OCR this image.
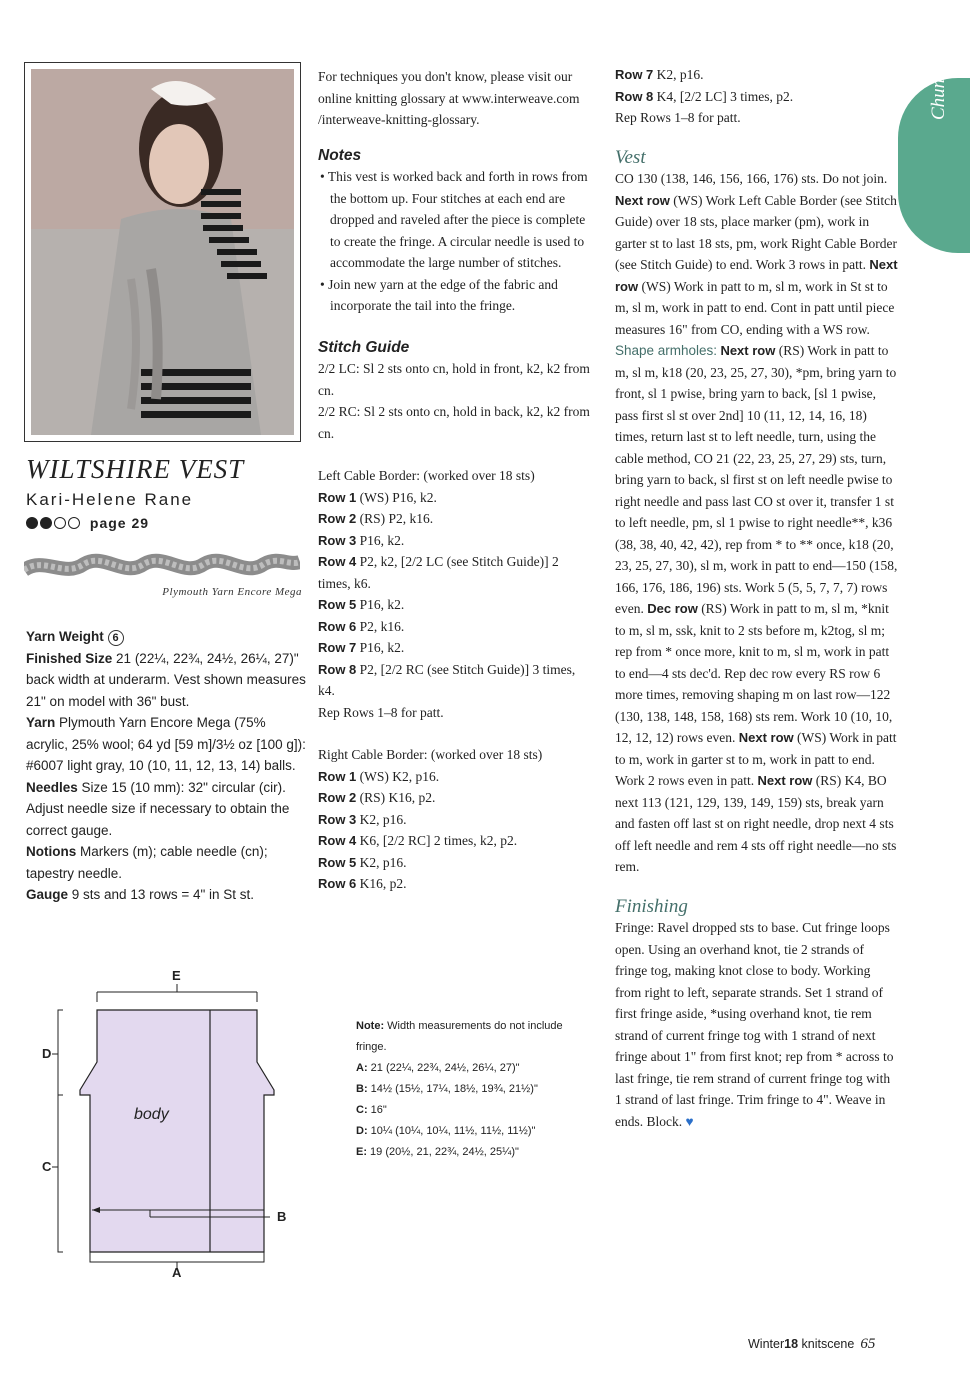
WILTSHIRE VEST
Kari-Helene Rane
page 29
Plymouth Yarn Encore Mega
Yarn Weight 6
Finished Size 21 (22¼, 22¾, 24½, 26¼, 27)" back width at underarm. Vest shown measures 21" on model with 36" bust.
Yarn Plymouth Yarn Encore Mega (75% acrylic, 25% wool; 64 yd [59 m]/3½ oz [100 g]): #6007 light gray, 10 (10, 11, 12, 13, 14) balls.
Needles Size 15 (10 mm): 32" circular (cir). Adjust needle size if necessary to obtain the correct gauge.
Notions Markers (m); cable needle (cn); tapestry needle.
Gauge 9 sts and 13 rows = 4" in St st.

For techniques you don't know, please visit our online knitting glossary at www.interweave.com /interweave-knitting-glossary.

Notes

• This vest is worked back and forth in rows from the bottom up. Four stitches at each end are dropped and raveled after the piece is complete to create the fringe. A circular needle is used to accommodate the large number of stitches.
• Join new yarn at the edge of the fabric and incorporate the tail into the fringe.

Stitch Guide

2/2 LC: Sl 2 sts onto cn, hold in front, k2, k2 from cn.

2/2 RC: Sl 2 sts onto cn, hold in back, k2, k2 from cn.

Left Cable Border: (worked over 18 sts)

Row 1 (WS) P16, k2.
Row 2 (RS) P2, k16.
Row 3 P16, k2.
Row 4 P2, k2, [2/2 LC (see Stitch Guide)] 2 times, k6.
Row 5 P16, k2.
Row 6 P2, k16.
Row 7 P16, k2.
Row 8 P2, [2/2 RC (see Stitch Guide)] 3 times, k4.

Rep Rows 1–8 for patt.

Right Cable Border: (worked over 18 sts)

Row 1 (WS) K2, p16.
Row 2 (RS) K16, p2.
Row 3 K2, p16.
Row 4 K6, [2/2 RC] 2 times, k2, p2.
Row 5 K2, p16.
Row 6 K16, p2.
Row 7 K2, p16.
Row 8 K4, [2/2 LC] 3 times, p2.

Rep Rows 1–8 for patt.

Vest

CO 130 (138, 146, 156, 166, 176) sts. Do not join. Next row (WS) Work Left Cable Border (see Stitch Guide) over 18 sts, place marker (pm), work in garter st to last 18 sts, pm, work Right Cable Border (see Stitch Guide) to end. Work 3 rows in patt. Next row (WS) Work in patt to m, sl m, work in St st to m, sl m, work in patt to end. Cont in patt until piece measures 16" from CO, ending with a WS row. Shape armholes: Next row (RS) Work in patt to m, sl m, k18 (20, 23, 25, 27, 30), *pm, bring yarn to front, sl 1 pwise, bring yarn to back, [sl 1 pwise, pass first sl st over 2nd] 10 (11, 12, 14, 16, 18) times, return last st to left needle, turn, using the cable method, CO 21 (22, 23, 25, 27, 29) sts, turn, bring yarn to back, sl first st on left needle pwise to right needle and pass last CO st over it, transfer 1 st to left needle, pm, sl 1 pwise to right needle**, k36 (38, 38, 40, 42, 42), rep from * to ** once, k18 (20, 23, 25, 27, 30), sl m, work in patt to end—150 (158, 166, 176, 186, 196) sts. Work 5 (5, 5, 7, 7, 7) rows even. Dec row (RS) Work in patt to m, sl m, *knit to m, sl m, ssk, knit to 2 sts before m, k2tog, sl m; rep from * once more, knit to m, sl m, work in patt to end—4 sts dec'd. Rep dec row every RS row 6 more times, removing shaping m on last row—122 (130, 138, 148, 158, 168) sts rem. Work 10 (10, 10, 12, 12, 12) rows even. Next row (WS) Work in patt to m, work in garter st to m, work in patt to end. Work 2 rows even in patt. Next row (RS) K4, BO next 113 (121, 129, 139, 149, 159) sts, break yarn and fasten off last st on right needle, drop next 4 sts off left needle and rem 4 sts off right needle—no sts rem.

Finishing

Fringe: Ravel dropped sts to base. Cut fringe loops open. Using an overhand knot, tie 2 strands of fringe tog, making knot close to body. Working from right to left, separate strands. Set 1 strand of first fringe aside, *using overhand knot, tie rem strand of current fringe tog with 1 strand of next fringe about 1" from first knot; rep from * across to last fringe, tie rem strand of current fringe tog with 1 strand of last fringe. Trim fringe to 4". Weave in ends. Block. ♥

Chunky
E
D
C
B
A
body
Note: Width measurements do not include fringe.
A: 21 (22¼, 22¾, 24½, 26¼, 27)"
B: 14½ (15½, 17¼, 18½, 19¾, 21½)"
C: 16"
D: 10¼ (10¼, 10¼, 11½, 11½, 11½)"
E: 19 (20½, 21, 22¾, 24½, 25¼)"
Winter18 knitscene 65
